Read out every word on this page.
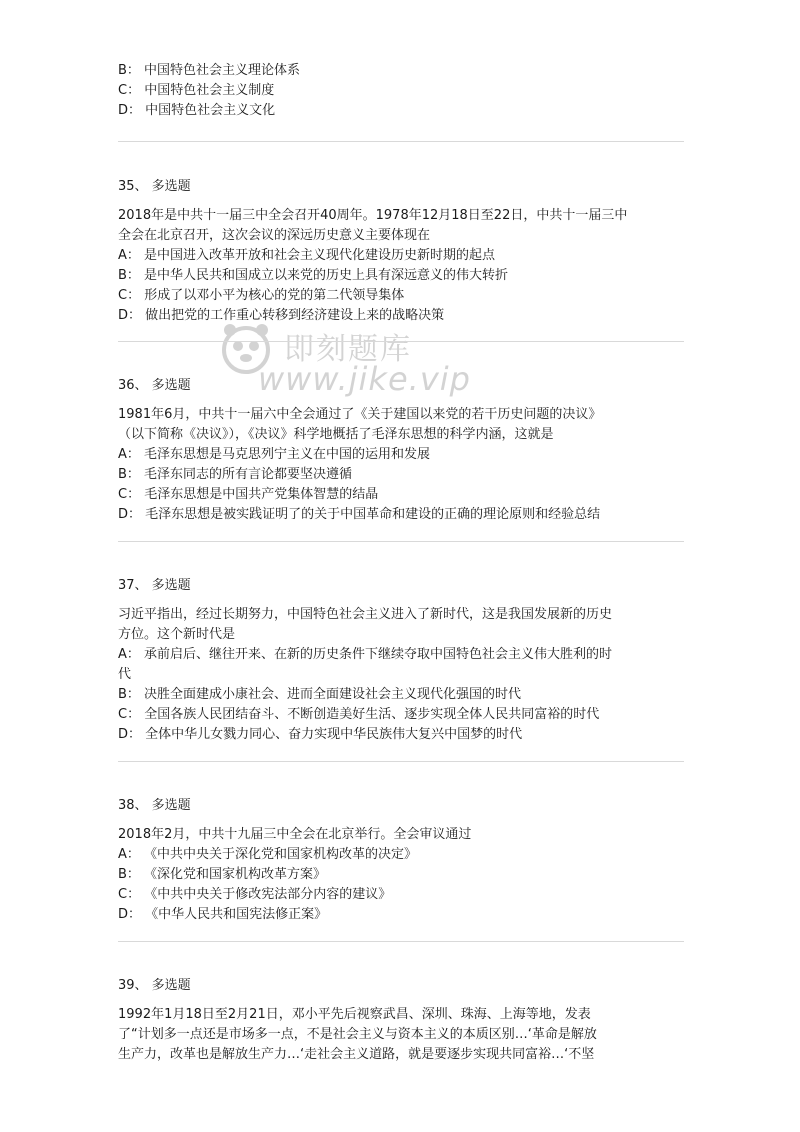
即刻题库
www.jike.vip
B： 中国特色社会主义理论体系
C： 中国特色社会主义制度
D： 中国特色社会主义文化
35、 多选题
2018年是中共十一届三中全会召开40周年。1978年12月18日至22日，中共十一届三中
全会在北京召开，这次会议的深远历史意义主要体现在
A： 是中国进入改革开放和社会主义现代化建设历史新时期的起点
B： 是中华人民共和国成立以来党的历史上具有深远意义的伟大转折
C： 形成了以邓小平为核心的党的第二代领导集体
D： 做出把党的工作重心转移到经济建设上来的战略决策
36、 多选题
1981年6月，中共十一届六中全会通过了《关于建国以来党的若干历史问题的决议》
（以下简称《决议》），《决议》科学地概括了毛泽东思想的科学内涵，这就是
A： 毛泽东思想是马克思列宁主义在中国的运用和发展
B： 毛泽东同志的所有言论都要坚决遵循
C： 毛泽东思想是中国共产党集体智慧的结晶
D： 毛泽东思想是被实践证明了的关于中国革命和建设的正确的理论原则和经验总结
37、 多选题
习近平指出，经过长期努力，中国特色社会主义进入了新时代，这是我国发展新的历史
方位。这个新时代是
A： 承前启后、继往开来、在新的历史条件下继续夺取中国特色社会主义伟大胜利的时
代
B： 决胜全面建成小康社会、进而全面建设社会主义现代化强国的时代
C： 全国各族人民团结奋斗、不断创造美好生活、逐步实现全体人民共同富裕的时代
D： 全体中华儿女戮力同心、奋力实现中华民族伟大复兴中国梦的时代
38、 多选题
2018年2月，中共十九届三中全会在北京举行。全会审议通过
A： 《中共中央关于深化党和国家机构改革的决定》
B： 《深化党和国家机构改革方案》
C： 《中共中央关于修改宪法部分内容的建议》
D： 《中华人民共和国宪法修正案》
39、 多选题
1992年1月18日至2月21日，邓小平先后视察武昌、深圳、珠海、上海等地，发表
了“计划多一点还是市场多一点，不是社会主义与资本主义的本质区别…‘革命是解放
生产力，改革也是解放生产力…‘走社会主义道路，就是要逐步实现共同富裕…‘不坚
